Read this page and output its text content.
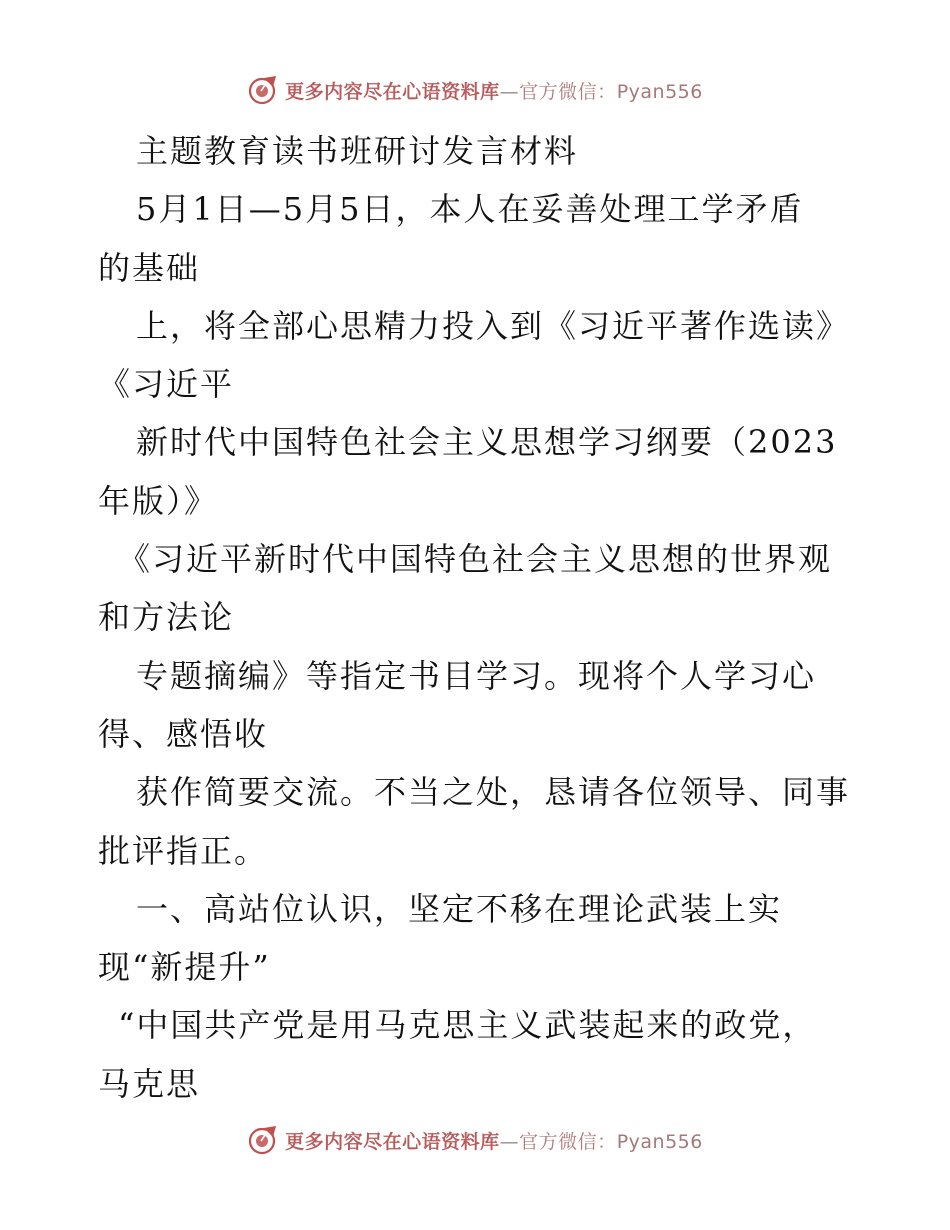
更多内容尽在心语资料库—官方微信：Pyan556
主题教育读书班研讨发言材料
5月1日—5月5日，本人在妥善处理工学矛盾
的基础
上，将全部心思精力投入到《习近平著作选读》
《习近平
新时代中国特色社会主义思想学习纲要（2023
年版）》
《习近平新时代中国特色社会主义思想的世界观
和方法论
专题摘编》等指定书目学习。现将个人学习心
得、感悟收
获作简要交流。不当之处，恳请各位领导、同事
批评指正。
一、高站位认识，坚定不移在理论武装上实
现“新提升”
“中国共产党是用马克思主义武装起来的政党，
马克思
更多内容尽在心语资料库—官方微信：Pyan556
